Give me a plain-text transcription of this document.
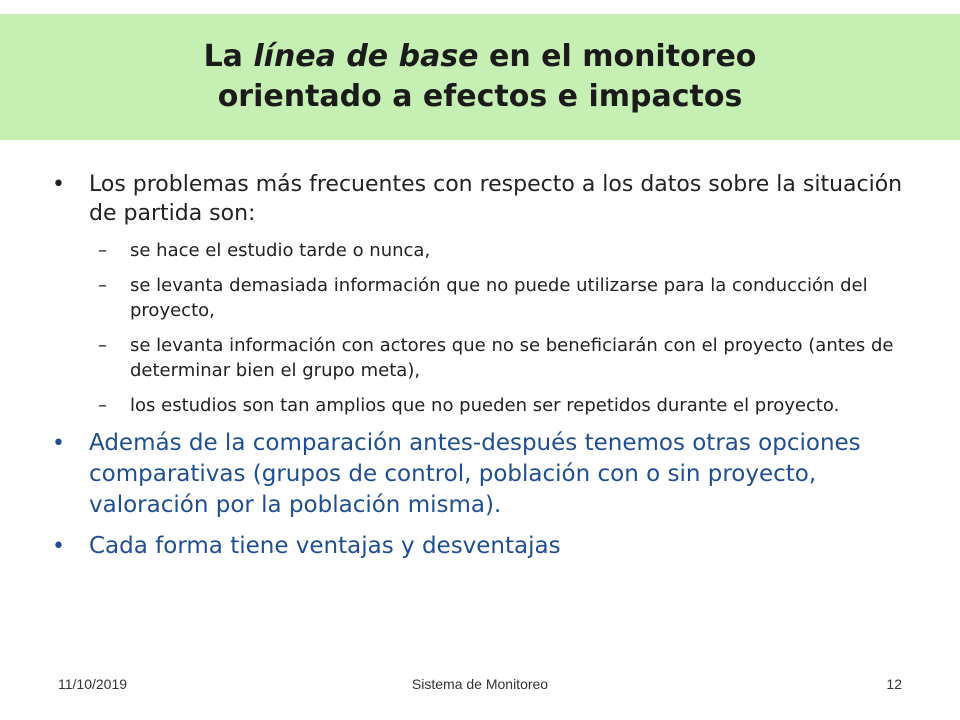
La línea de base en el monitoreo
orientado a efectos e impactos
• Los problemas más frecuentes con respecto a los datos sobre la situación de partida son:
– se hace el estudio tarde o nunca,
– se levanta demasiada información que no puede utilizarse para la conducción del proyecto,
– se levanta información con actores que no se beneficiarán con el proyecto (antes de determinar bien el grupo meta),
– los estudios son tan amplios que no pueden ser repetidos durante el proyecto.
• Además de la comparación antes-después tenemos otras opciones comparativas (grupos de control, población con o sin proyecto, valoración por la población misma).
• Cada forma tiene ventajas y desventajas
11/10/2019	Sistema de Monitoreo	12
